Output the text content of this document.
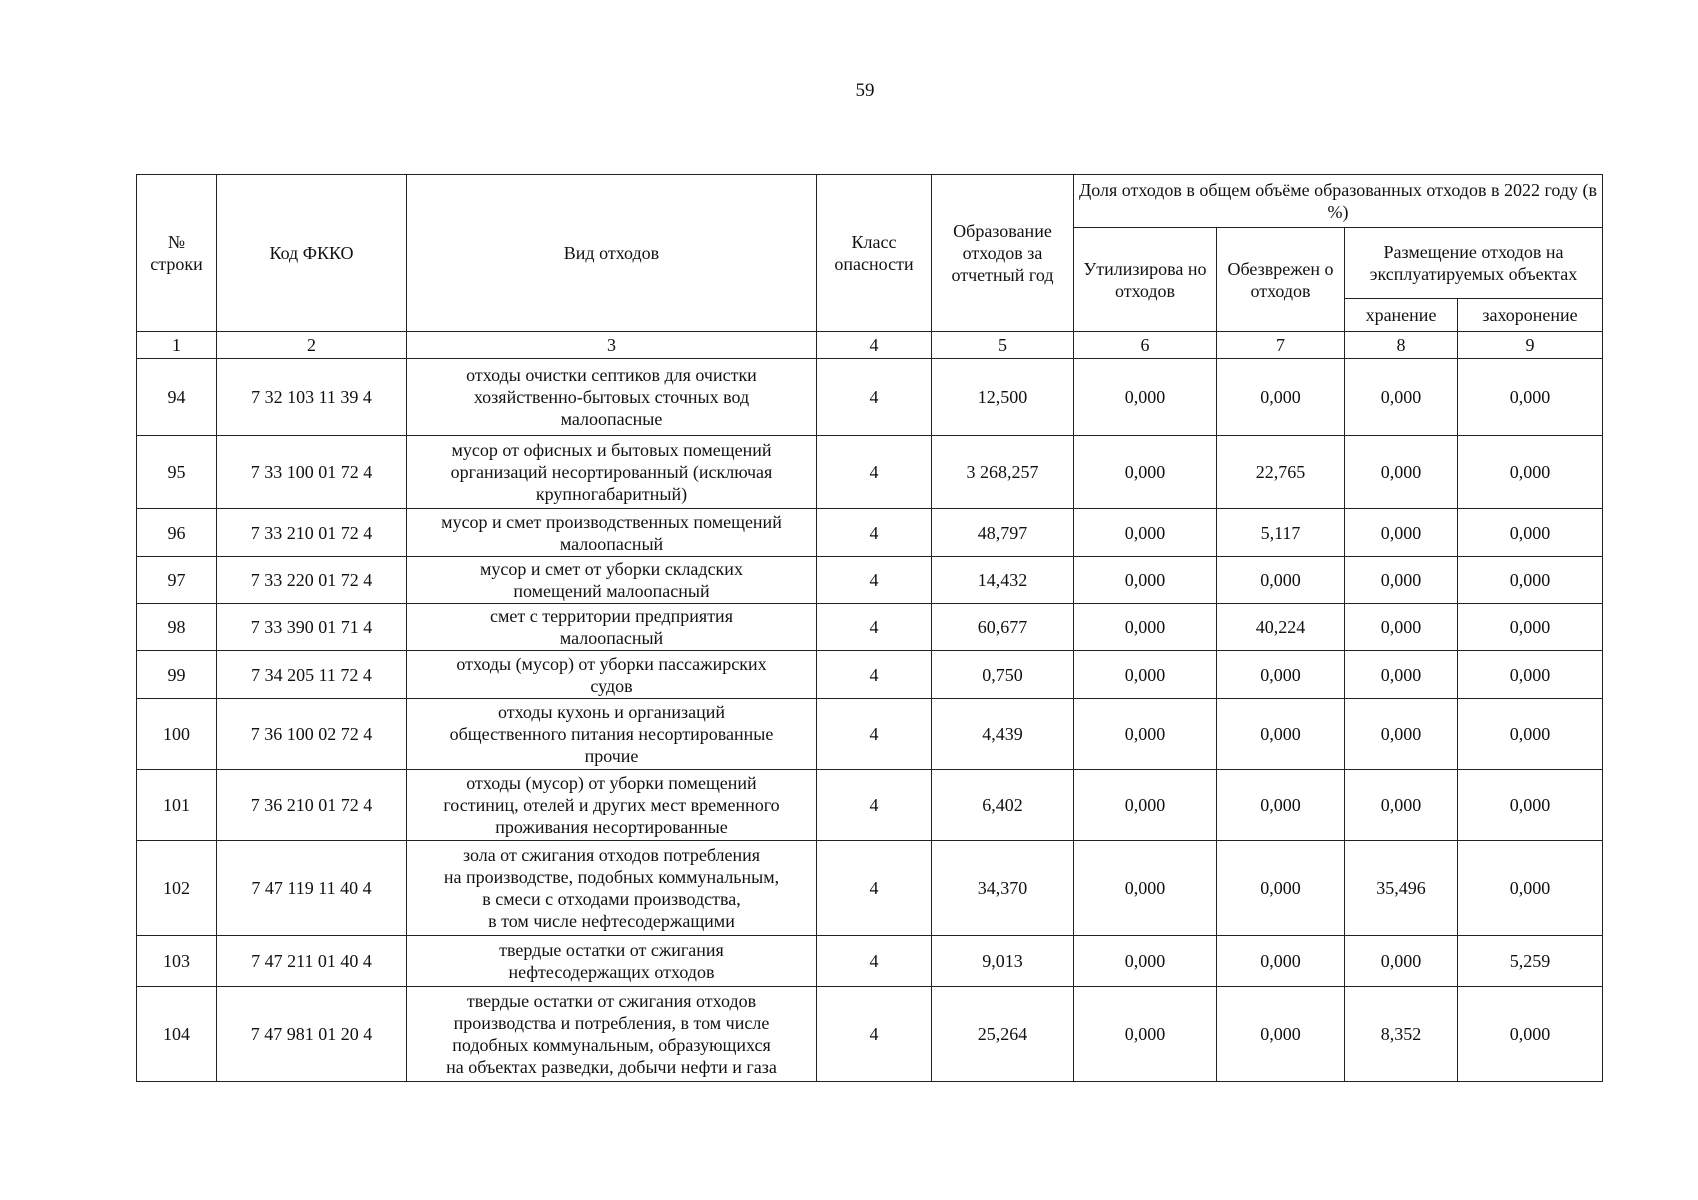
59
№ строки	Код ФККО	Вид отходов	Класс опасности	Образование отходов за отчетный год	Доля отходов в общем объёме образованных отходов в 2022 году (в %)			
					Утилизирова но отходов	Обезврежен о отходов	Размещение отходов на эксплуатируемых объектах	
							хранение	захоронение
1	2	3	4	5	6	7	8	9
94	7 32 103 11 39 4	отходы очистки септиков для очистки
хозяйственно-бытовых сточных вод
малоопасные	4	12,500	0,000	0,000	0,000	0,000
95	7 33 100 01 72 4	мусор от офисных и бытовых помещений
организаций несортированный (исключая
крупногабаритный)	4	3 268,257	0,000	22,765	0,000	0,000
96	7 33 210 01 72 4	мусор и смет производственных помещений
малоопасный	4	48,797	0,000	5,117	0,000	0,000
97	7 33 220 01 72 4	мусор и смет от уборки складских
помещений малоопасный	4	14,432	0,000	0,000	0,000	0,000
98	7 33 390 01 71 4	смет с территории предприятия
малоопасный	4	60,677	0,000	40,224	0,000	0,000
99	7 34 205 11 72 4	отходы (мусор) от уборки пассажирских
судов	4	0,750	0,000	0,000	0,000	0,000
100	7 36 100 02 72 4	отходы кухонь и организаций
общественного питания несортированные
прочие	4	4,439	0,000	0,000	0,000	0,000
101	7 36 210 01 72 4	отходы (мусор) от уборки помещений
гостиниц, отелей и других мест временного
проживания несортированные	4	6,402	0,000	0,000	0,000	0,000
102	7 47 119 11 40 4	зола от сжигания отходов потребления
на производстве, подобных коммунальным,
в смеси с отходами производства,
в том числе нефтесодержащими	4	34,370	0,000	0,000	35,496	0,000
103	7 47 211 01 40 4	твердые остатки от сжигания
нефтесодержащих отходов	4	9,013	0,000	0,000	0,000	5,259
104	7 47 981 01 20 4	твердые остатки от сжигания отходов
производства и потребления, в том числе
подобных коммунальным, образующихся
на объектах разведки, добычи нефти и газа	4	25,264	0,000	0,000	8,352	0,000
